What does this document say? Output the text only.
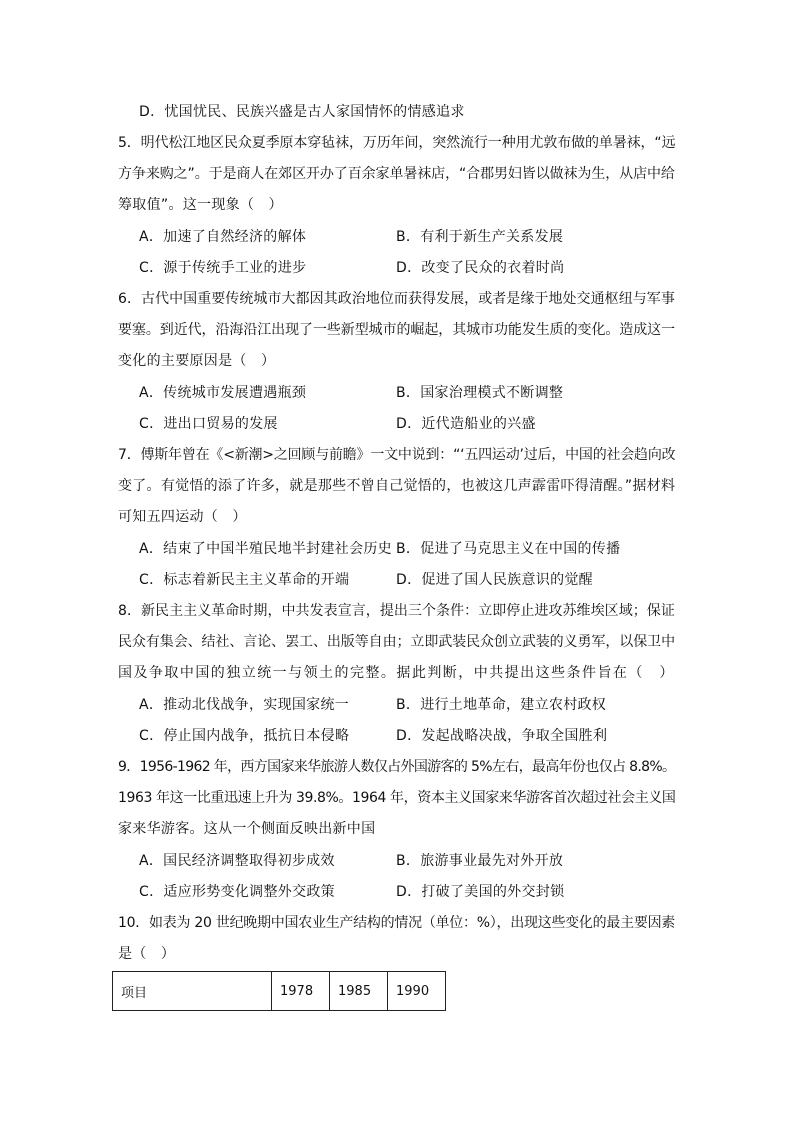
D．忧国忧民、民族兴盛是古人家国情怀的情感追求
5．明代松江地区民众夏季原本穿毡袜，万历年间，突然流行一种用尤敦布做的单暑袜，“远
方争来购之”。于是商人在郊区开办了百余家单暑袜店，“合郡男妇皆以做袜为生，从店中给
筹取值”。这一现象（　）
A．加速了自然经济的解体	B．有利于新生产关系发展
C．源于传统手工业的进步	D．改变了民众的衣着时尚
6．古代中国重要传统城市大都因其政治地位而获得发展，或者是缘于地处交通枢纽与军事
要塞。到近代，沿海沿江出现了一些新型城市的崛起，其城市功能发生质的变化。造成这一
变化的主要原因是（　）
A．传统城市发展遭遇瓶颈	B．国家治理模式不断调整
C．进出口贸易的发展	D．近代造船业的兴盛
7．傅斯年曾在《<新潮>之回顾与前瞻》一文中说到：“‘五四运动’过后，中国的社会趋向改
变了。有觉悟的添了许多，就是那些不曾自己觉悟的，也被这几声霹雷吓得清醒。”据材料
可知五四运动（　）
A．结束了中国半殖民地半封建社会历史 B．促进了马克思主义在中国的传播
C．标志着新民主主义革命的开端	D．促进了国人民族意识的觉醒
8．新民主主义革命时期，中共发表宣言，提出三个条件：立即停止进攻苏维埃区域；保证
民众有集会、结社、言论、罢工、出版等自由；立即武装民众创立武装的义勇军，以保卫中
国及争取中国的独立统一与领土的完整。据此判断，中共提出这些条件旨在（　）
A．推动北伐战争，实现国家统一	B．进行土地革命，建立农村政权
C．停止国内战争，抵抗日本侵略	D．发起战略决战，争取全国胜利
9．1956-1962 年，西方国家来华旅游人数仅占外国游客的 5%左右，最高年份也仅占 8.8%。
1963 年这一比重迅速上升为 39.8%。1964 年，资本主义国家来华游客首次超过社会主义国
家来华游客。这从一个侧面反映出新中国
A．国民经济调整取得初步成效	B．旅游事业最先对外开放
C．适应形势变化调整外交政策	D．打破了美国的外交封锁
10．如表为 20 世纪晚期中国农业生产结构的情况（单位：%），出现这些变化的最主要因素
是（　）
项目	1978	1985	1990
